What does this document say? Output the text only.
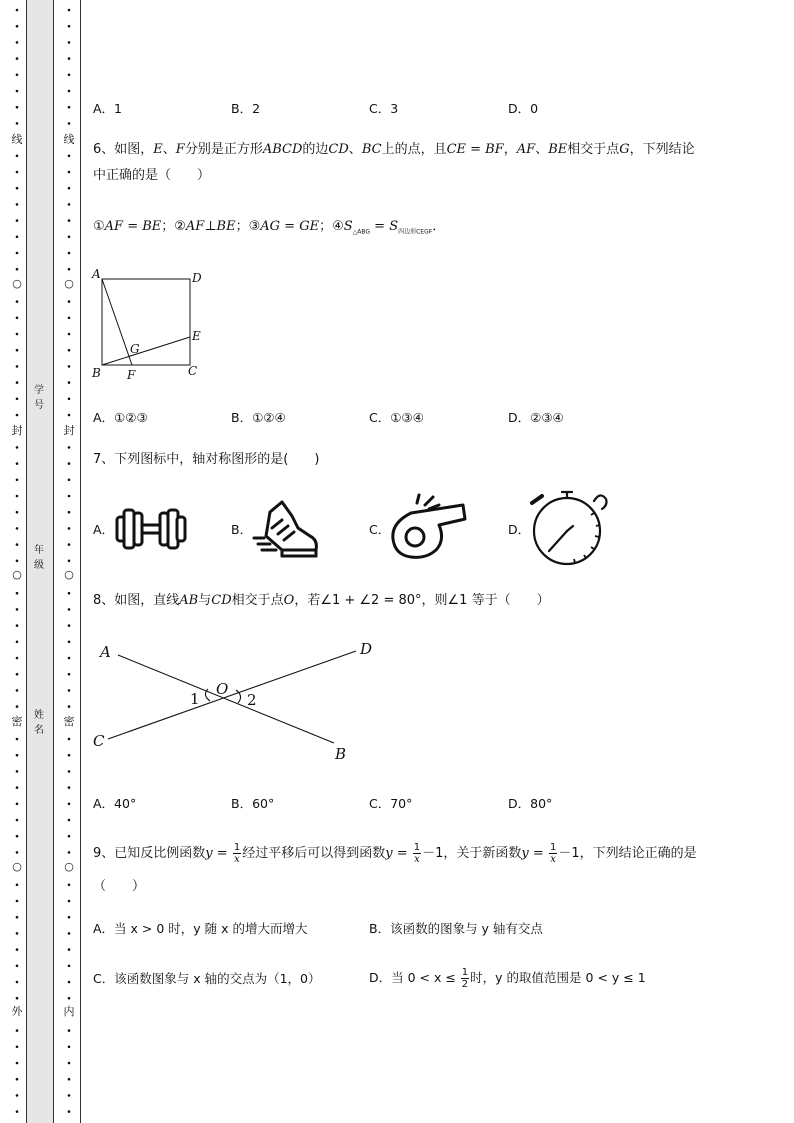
线
○
封
○
密
○
外
线
○
封
○
密
○
内
学号
年级
姓名
A．1	B．2	C．3	D．0
6、如图，E、F分别是正方形ABCD的边CD、BC上的点，且CE = BF，AF、BE相交于点G，下列结论
中正确的是（　　）
①AF = BE；②AF⊥BE；③AG = GE；$④S_{\triangle ABG} = S_{四边形CEGF}$．
A	D
E
G
B F	C
A．①②③	B．①②④	C．①③④	D．②③④
7、下列图标中，轴对称图形的是(　　)
A．	B．	C．	D．
8、如图，直线AB与CD相交于点O，若∠1 + ∠2 = 80°，则∠1 等于（　　）
A	D
O
1	2
C
B
A．40°	B．60°	C．70°	D．80°
9、已知反比例函数$y = \frac{1}{x}$ 经过平移后可以得到函数$y = \frac{1}{x} -1$，关于新函数$y = \frac{1}{x} -1$，下列结论正确的是
（　　）
A．当 x > 0 时，y 随 x 的增大而增大	B．该函数的图象与 y 轴有交点
C．该函数图象与 x 轴的交点为（1，0）	D．当 $0 < x \le \frac{1}{2}$ 时，y 的取值范围是 0 < y ≤ 1
